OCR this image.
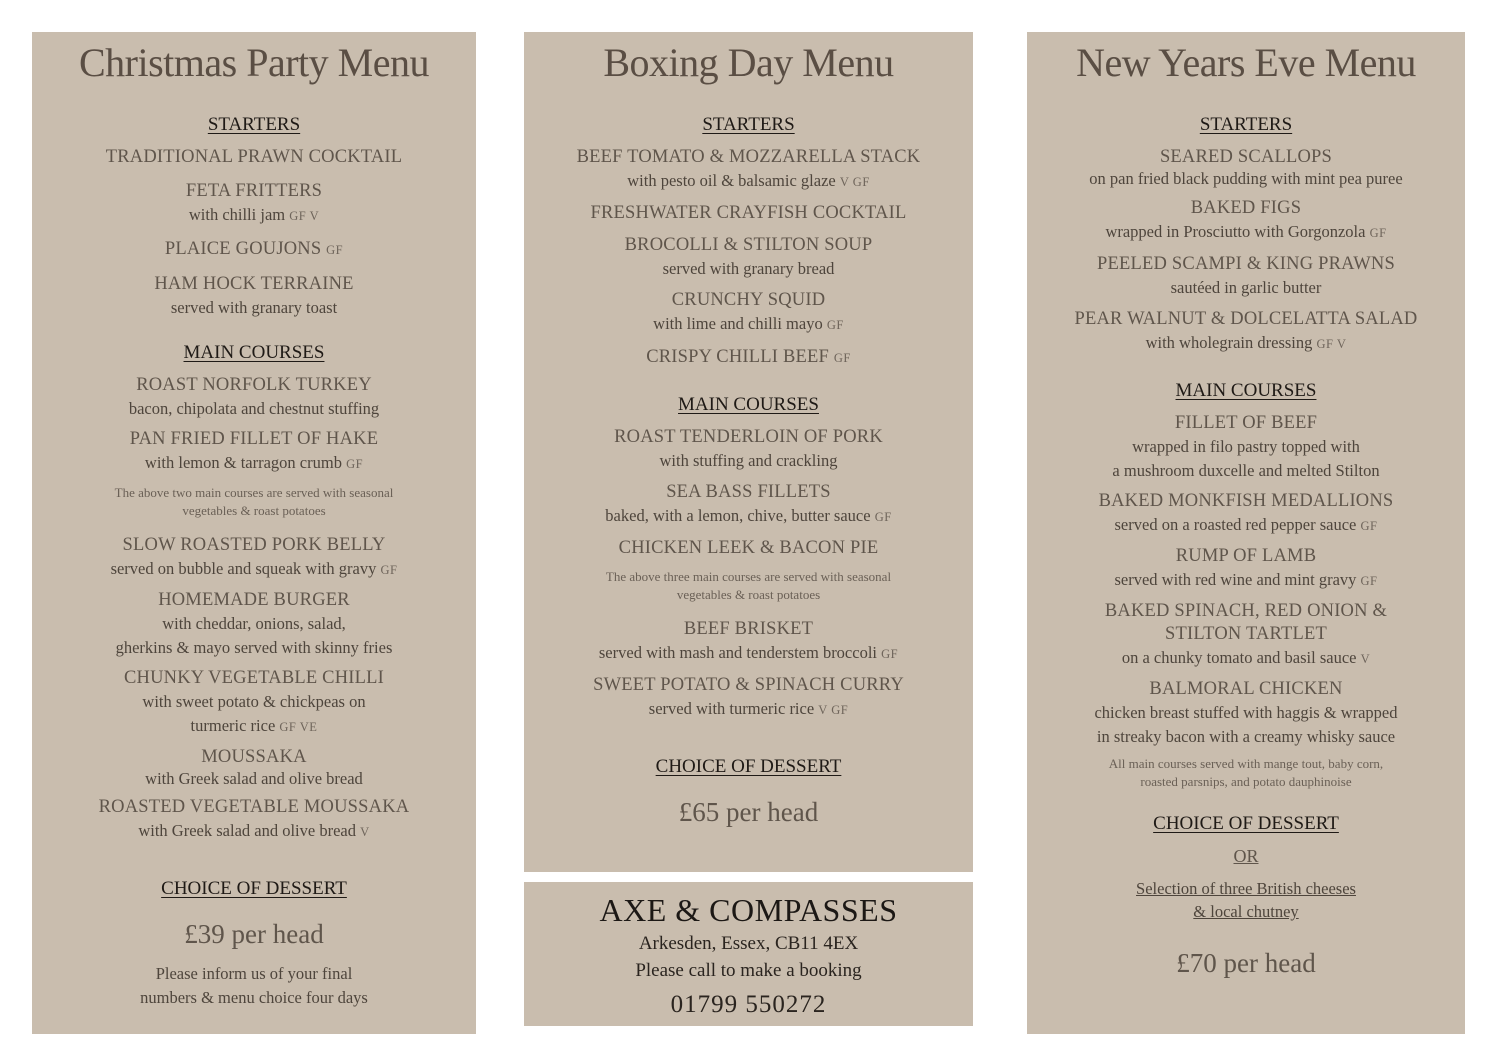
Christmas Party Menu
STARTERS
TRADITIONAL PRAWN COCKTAIL
FETA FRITTERS
with chilli jam GF V
PLAICE GOUJONS GF
HAM HOCK TERRAINE
served with granary toast
MAIN COURSES
ROAST NORFOLK TURKEY
bacon, chipolata and chestnut stuffing
PAN FRIED FILLET OF HAKE
with lemon & tarragon crumb GF
The above two main courses are served with seasonal
vegetables & roast potatoes
SLOW ROASTED PORK BELLY
served on bubble and squeak with gravy GF
HOMEMADE BURGER
with cheddar, onions, salad,
gherkins & mayo served with skinny fries
CHUNKY VEGETABLE CHILLI
with sweet potato & chickpeas on
turmeric rice GF VE
MOUSSAKA
with Greek salad and olive bread
ROASTED VEGETABLE MOUSSAKA
with Greek salad and olive bread V
CHOICE OF DESSERT
£39 per head
Please inform us of your final
numbers & menu choice four days
Boxing Day Menu
STARTERS
BEEF TOMATO & MOZZARELLA STACK
with pesto oil & balsamic glaze V GF
FRESHWATER CRAYFISH COCKTAIL
BROCOLLI & STILTON SOUP
served with granary bread
CRUNCHY SQUID
with lime and chilli mayo GF
CRISPY CHILLI BEEF GF
MAIN COURSES
ROAST TENDERLOIN OF PORK
with stuffing and crackling
SEA BASS FILLETS
baked, with a lemon, chive, butter sauce GF
CHICKEN LEEK & BACON PIE
The above three main courses are served with seasonal
vegetables & roast potatoes
BEEF BRISKET
served with mash and tenderstem broccoli GF
SWEET POTATO & SPINACH CURRY
served with turmeric rice V GF
CHOICE OF DESSERT
£65 per head
AXE & COMPASSES
Arkesden, Essex, CB11 4EX
Please call to make a booking
01799 550272
New Years Eve Menu
STARTERS
SEARED SCALLOPS
on pan fried black pudding with mint pea puree
BAKED FIGS
wrapped in Prosciutto with Gorgonzola GF
PEELED SCAMPI & KING PRAWNS
sautéed in garlic butter
PEAR WALNUT & DOLCELATTA SALAD
with wholegrain dressing GF V
MAIN COURSES
FILLET OF BEEF
wrapped in filo pastry topped with
a mushroom duxcelle and melted Stilton
BAKED MONKFISH MEDALLIONS
served on a roasted red pepper sauce GF
RUMP OF LAMB
served with red wine and mint gravy GF
BAKED SPINACH, RED ONION &
STILTON TARTLET
on a chunky tomato and basil sauce V
BALMORAL CHICKEN
chicken breast stuffed with haggis & wrapped
in streaky bacon with a creamy whisky sauce
All main courses served with mange tout, baby corn,
roasted parsnips, and potato dauphinoise
CHOICE OF DESSERT
OR
Selection of three British cheeses
& local chutney
£70 per head
